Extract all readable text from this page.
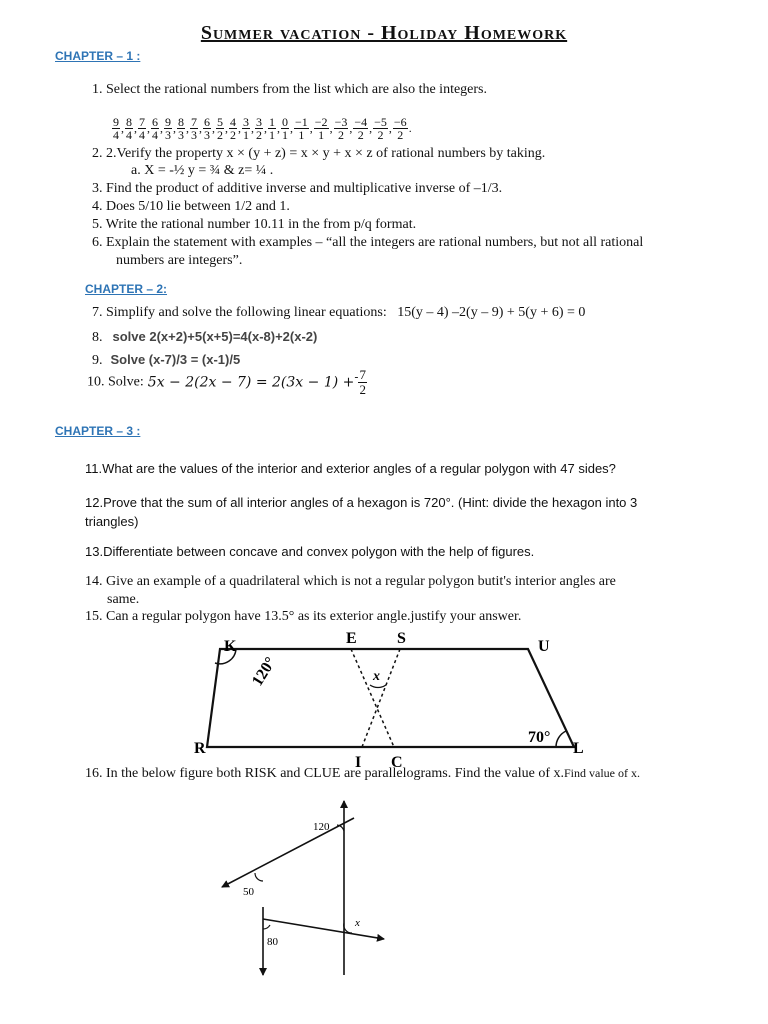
Summer vacation - Holiday Homework
CHAPTER – 1 :
1. Select the rational numbers from the list which are also the integers.
$\frac{9}{4}$ , $\frac{8}{4}$ , $\frac{7}{4}$ , $\frac{6}{4}$ , $\frac{9}{3}$ , $\frac{8}{3}$ , $\frac{7}{3}$ , $\frac{6}{3}$ , $\frac{5}{2}$ , $\frac{4}{2}$ , $\frac{3}{1}$ , $\frac{3}{2}$ , $\frac{1}{1}$ , $\frac{0}{1}$ , $\frac{-1}{1}$ , $\frac{-2}{1}$ , $\frac{-3}{2}$ , $\frac{-4}{2}$ , $\frac{-5}{2}$ , $\frac{-6}{2}$ .
2. 2.Verify the property x × (y + z) = x × y + x × z of rational numbers by taking.
a. X = -½ y = ¾ & z= ¼ .
3. Find the product of additive inverse and multiplicative inverse of –1/3.
4. Does 5/10 lie between 1/2 and 1.
5. Write the rational number 10.11 in the from p/q format.
6. Explain the statement with examples – “all the integers are rational numbers, but not all rational
numbers are integers”.
CHAPTER – 2:
7. Simplify and solve the following linear equations: 15(y – 4) –2(y – 9) + 5(y + 6) = 0
8. solve 2(x+2)+5(x+5)=4(x-8)+2(x-2)
9. Solve (x-7)/3 = (x-1)/5
10. Solve: $5x - 2(2x - 7) = 2(3x - 1) +^- \frac{7}{2}$
CHAPTER – 3 :
11.What are the values of the interior and exterior angles of a regular polygon with 47 sides?
12.Prove that the sum of all interior angles of a hexagon is 720°. (Hint: divide the hexagon into 3
triangles)
13.Differentiate between concave and convex polygon with the help of figures.
14. Give an example of a quadrilateral which is not a regular polygon butit's interior angles are
same.
15. Can a regular polygon have 13.5° as its exterior angle.justify your answer.
K	E	S	U
R
I C
L
x
120°
70°
16. In the below figure both RISK and CLUE are parallelograms. Find the value of x.Find value of x.
120
50
80
x
